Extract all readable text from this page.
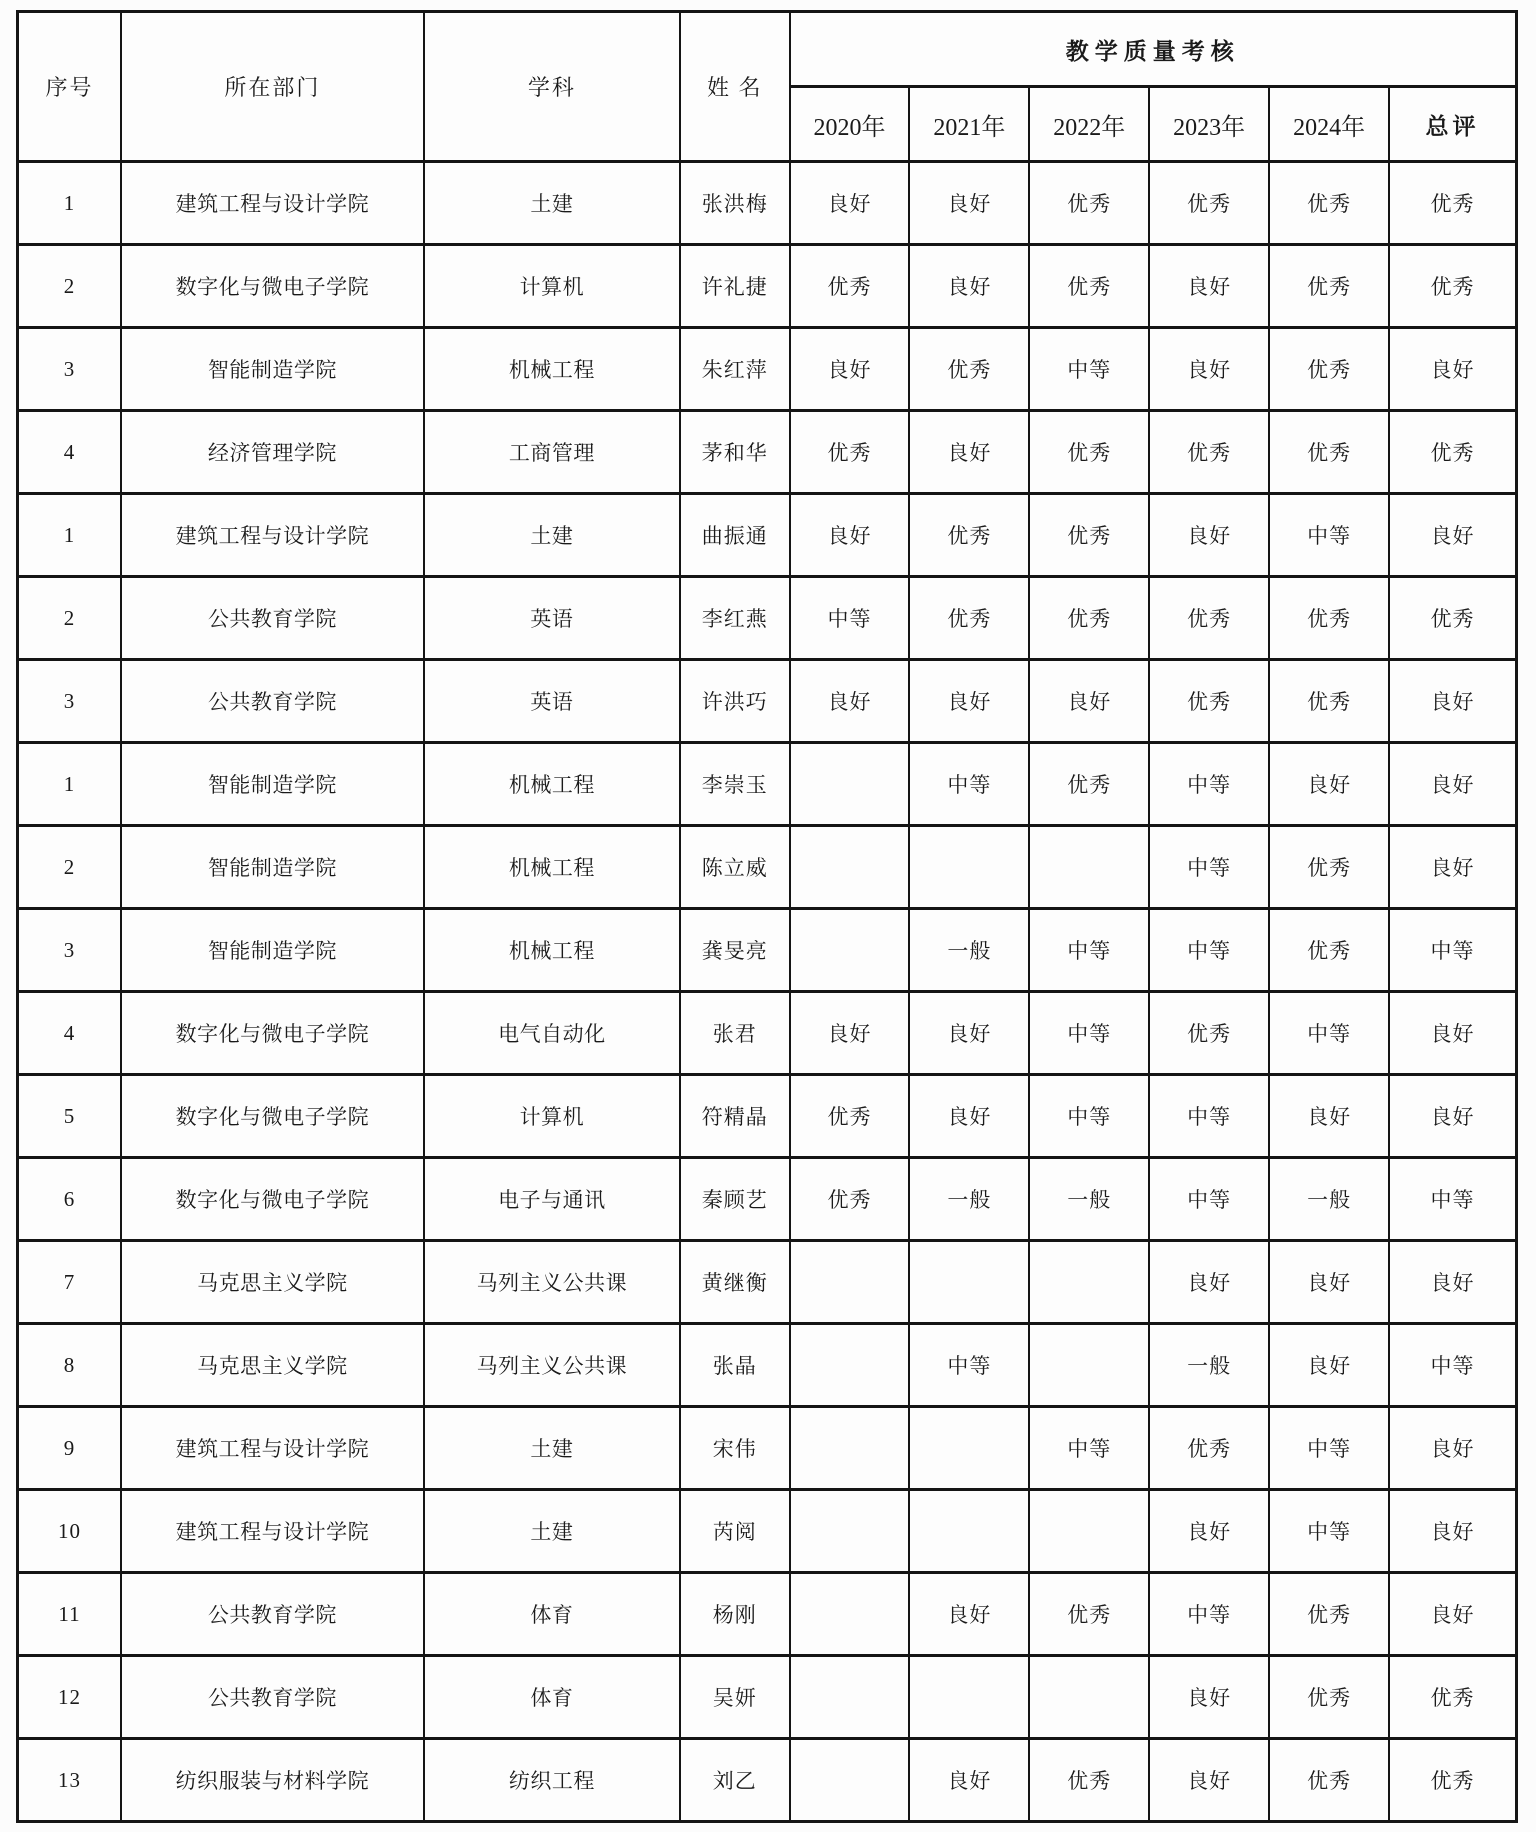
序号	所在部门	学科	姓 名	教学质量考核					
				2020年	2021年	2022年	2023年	2024年	总评
1	建筑工程与设计学院	土建	张洪梅	良好	良好	优秀	优秀	优秀	优秀
2	数字化与微电子学院	计算机	许礼捷	优秀	良好	优秀	良好	优秀	优秀
3	智能制造学院	机械工程	朱红萍	良好	优秀	中等	良好	优秀	良好
4	经济管理学院	工商管理	茅和华	优秀	良好	优秀	优秀	优秀	优秀
1	建筑工程与设计学院	土建	曲振通	良好	优秀	优秀	良好	中等	良好
2	公共教育学院	英语	李红燕	中等	优秀	优秀	优秀	优秀	优秀
3	公共教育学院	英语	许洪巧	良好	良好	良好	优秀	优秀	良好
1	智能制造学院	机械工程	李崇玉		中等	优秀	中等	良好	良好
2	智能制造学院	机械工程	陈立威				中等	优秀	良好
3	智能制造学院	机械工程	龚旻亮		一般	中等	中等	优秀	中等
4	数字化与微电子学院	电气自动化	张君	良好	良好	中等	优秀	中等	良好
5	数字化与微电子学院	计算机	符精晶	优秀	良好	中等	中等	良好	良好
6	数字化与微电子学院	电子与通讯	秦顾艺	优秀	一般	一般	中等	一般	中等
7	马克思主义学院	马列主义公共课	黄继衡				良好	良好	良好
8	马克思主义学院	马列主义公共课	张晶		中等		一般	良好	中等
9	建筑工程与设计学院	土建	宋伟			中等	优秀	中等	良好
10	建筑工程与设计学院	土建	芮阅				良好	中等	良好
11	公共教育学院	体育	杨刚		良好	优秀	中等	优秀	良好
12	公共教育学院	体育	吴妍				良好	优秀	优秀
13	纺织服装与材料学院	纺织工程	刘乙		良好	优秀	良好	优秀	优秀
